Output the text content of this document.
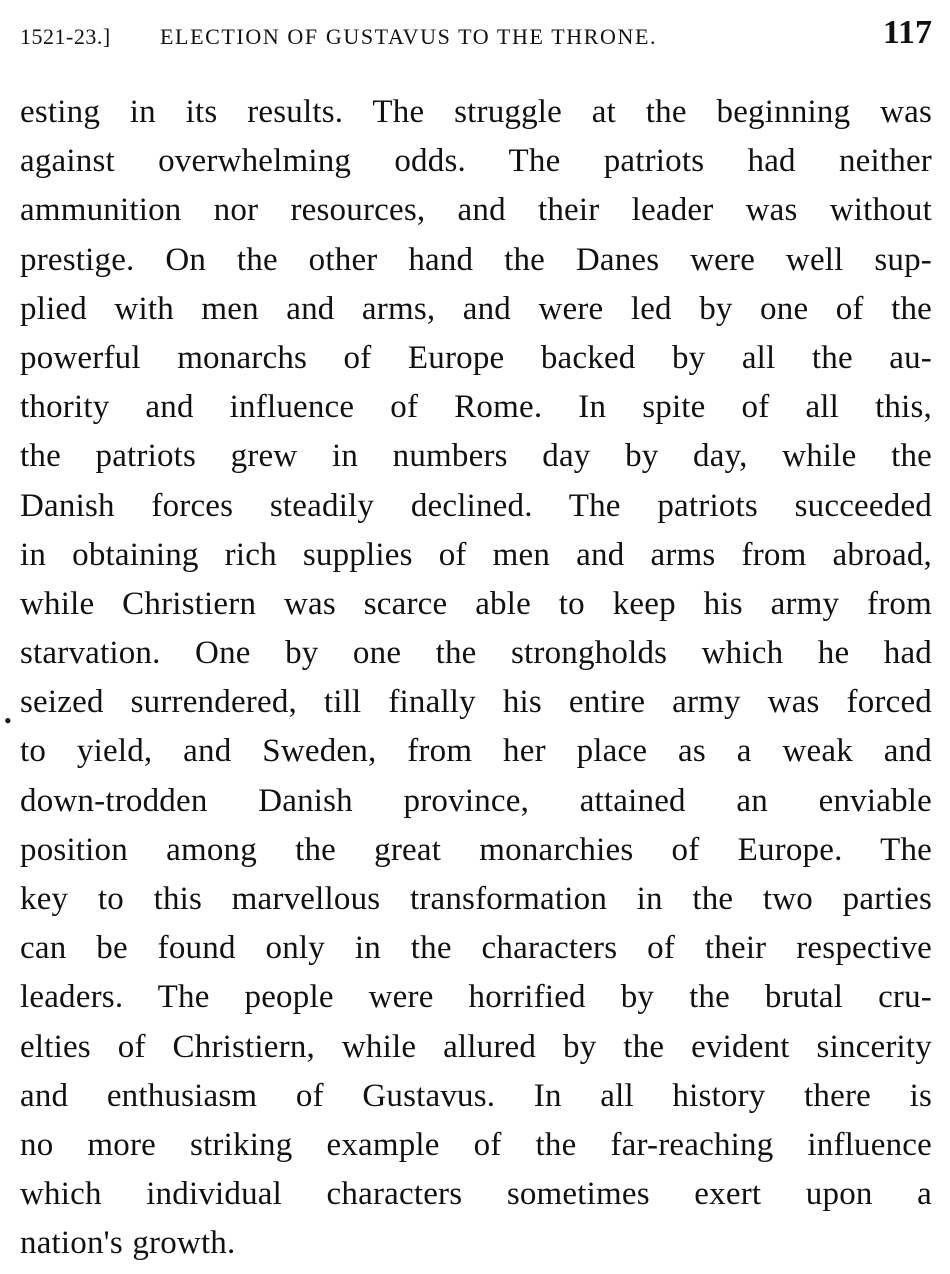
1521-23.] ELECTION OF GUSTAVUS TO THE THRONE.	117
•
esting in its results. The struggle at the beginning was
against overwhelming odds. The patriots had neither
ammunition nor resources, and their leader was without
prestige. On the other hand the Danes were well sup-
plied with men and arms, and were led by one of the
powerful monarchs of Europe backed by all the au-
thority and influence of Rome. In spite of all this,
the patriots grew in numbers day by day, while the
Danish forces steadily declined. The patriots succeeded
in obtaining rich supplies of men and arms from abroad,
while Christiern was scarce able to keep his army from
starvation. One by one the strongholds which he had
seized surrendered, till finally his entire army was forced
to yield, and Sweden, from her place as a weak and
down-trodden Danish province, attained an enviable
position among the great monarchies of Europe. The
key to this marvellous transformation in the two parties
can be found only in the characters of their respective
leaders. The people were horrified by the brutal cru-
elties of Christiern, while allured by the evident sincerity
and enthusiasm of Gustavus. In all history there is
no more striking example of the far-reaching influence
which individual characters sometimes exert upon a
nation's growth.
